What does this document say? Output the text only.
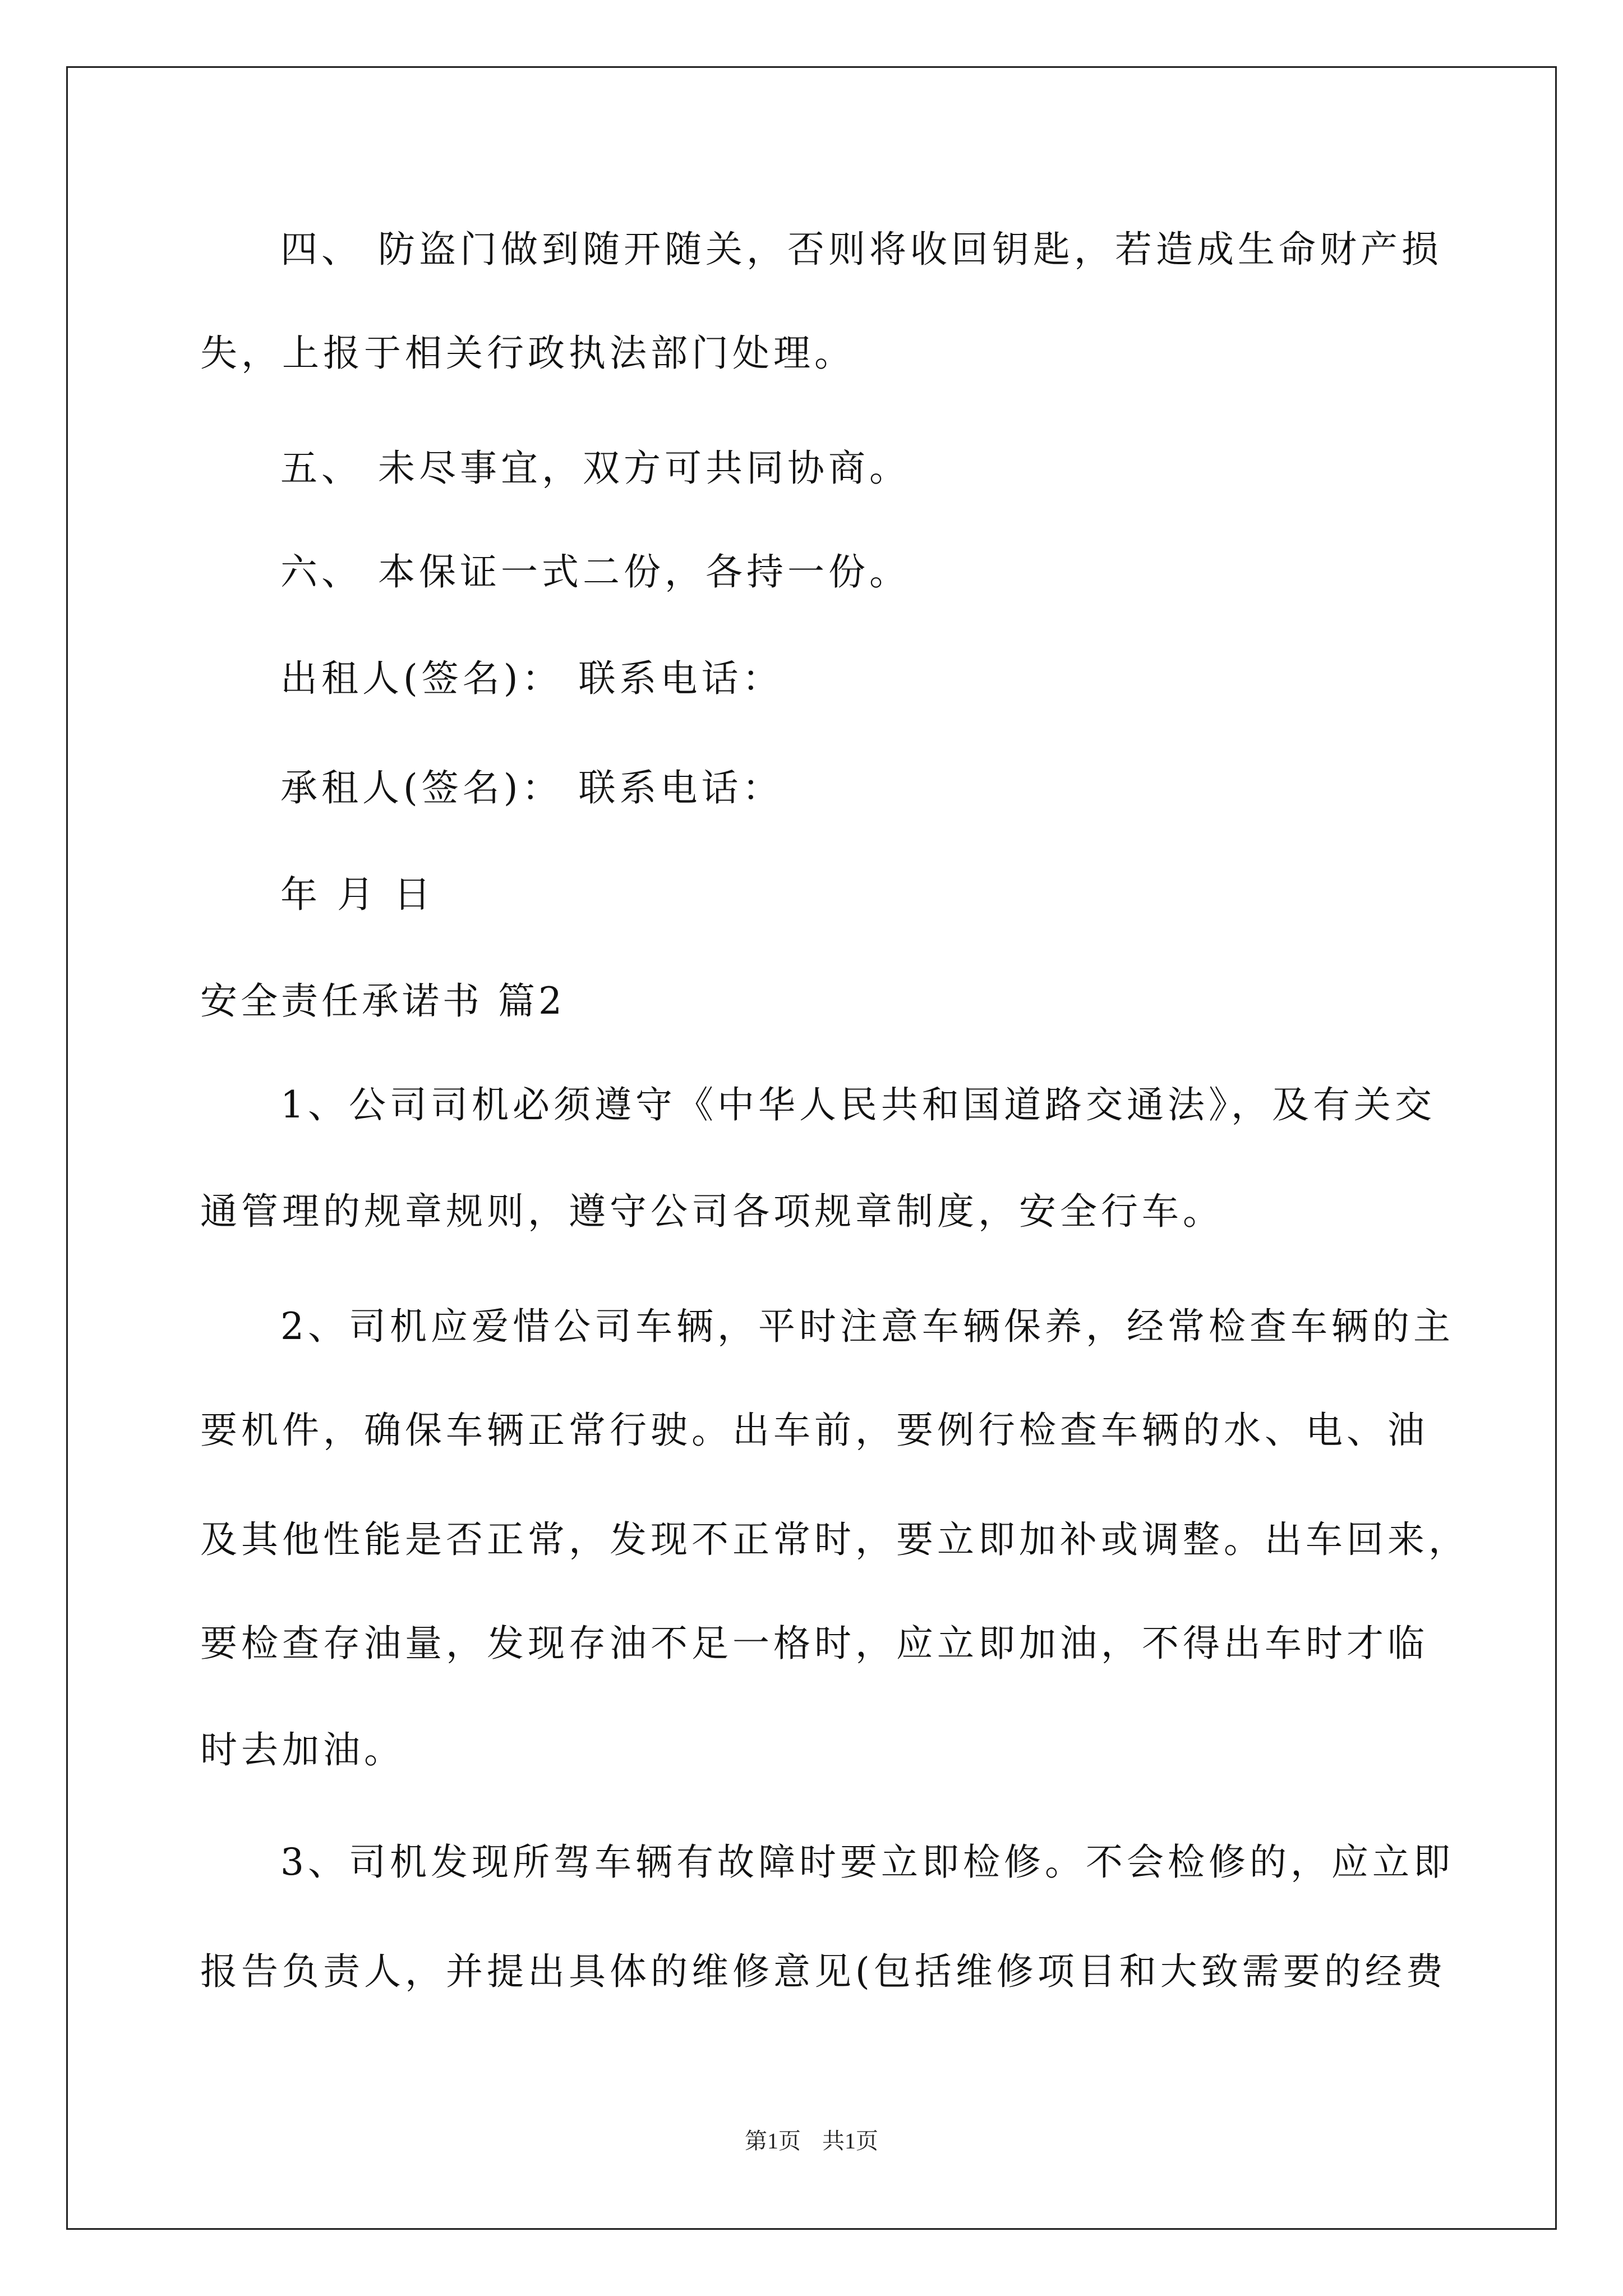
四、 防盗门做到随开随关，否则将收回钥匙，若造成生命财产损
失，上报于相关行政执法部门处理。
五、 未尽事宜，双方可共同协商。
六、 本保证一式二份，各持一份。
出租人(签名)： 联系电话：
承租人(签名)： 联系电话：
年 月 日
安全责任承诺书 篇2
1、公司司机必须遵守《中华人民共和国道路交通法》，及有关交
通管理的规章规则，遵守公司各项规章制度，安全行车。
2、司机应爱惜公司车辆，平时注意车辆保养，经常检查车辆的主
要机件，确保车辆正常行驶。出车前，要例行检查车辆的水、电、油
及其他性能是否正常，发现不正常时，要立即加补或调整。出车回来，
要检查存油量，发现存油不足一格时，应立即加油，不得出车时才临
时去加油。
3、司机发现所驾车辆有故障时要立即检修。不会检修的，应立即
报告负责人，并提出具体的维修意见(包括维修项目和大致需要的经费
第1页 共1页
